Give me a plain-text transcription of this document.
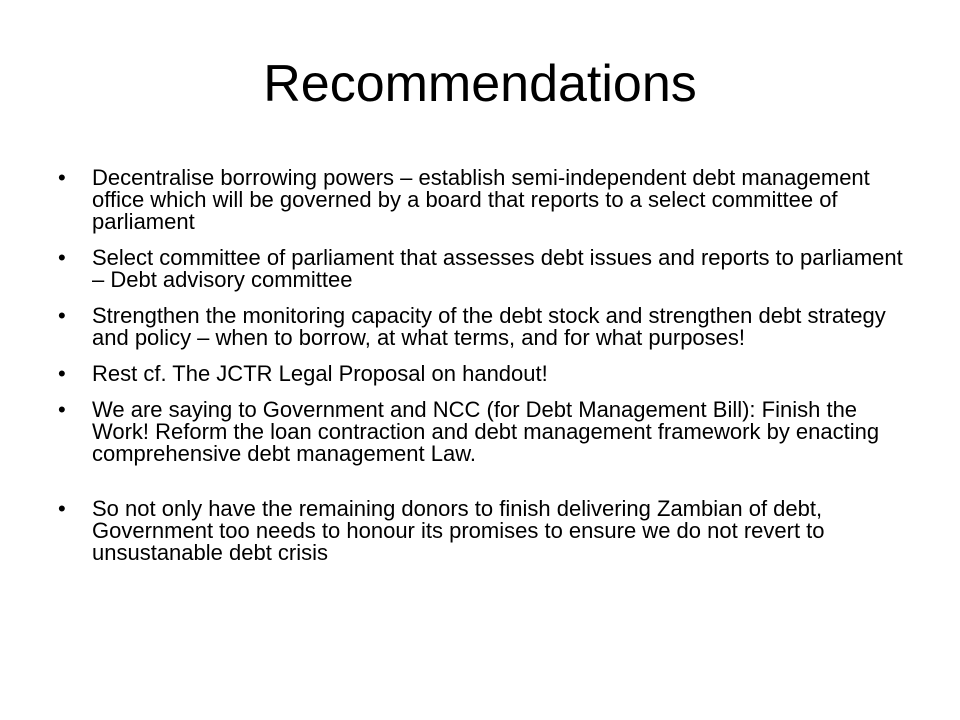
Recommendations
• Decentralise borrowing powers – establish semi-independent debt management office which will be governed by a board that reports to a select committee of parliament
• Select committee of parliament that assesses debt issues and reports to parliament – Debt advisory committee
• Strengthen the monitoring capacity of the debt stock and strengthen debt strategy and policy – when to borrow, at what terms, and for what purposes!
• Rest cf. The JCTR Legal Proposal on handout!
• We are saying to Government and NCC (for Debt Management Bill): Finish the Work! Reform the loan contraction and debt management framework by enacting comprehensive debt management Law.
• So not only have the remaining donors to finish delivering Zambian of debt, Government too needs to honour its promises to ensure we do not revert to unsustanable debt crisis
